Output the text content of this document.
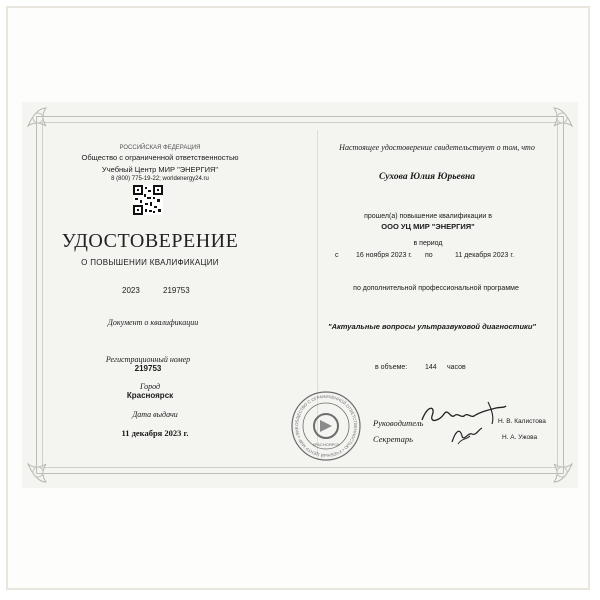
РОССИЙСКАЯ ФЕДЕРАЦИЯ
Общество с ограниченной ответственностью
Учебный Центр МИР "ЭНЕРГИЯ"
8 (800) 775-19-22; worldenergy24.ru
УДОСТОВЕРЕНИЕ
О ПОВЫШЕНИИ КВАЛИФИКАЦИИ
2023	219753
Документ о квалификации
Регистрационный номер
219753
Город
Красноярск
Дата выдачи
11 декабря 2023 г.
Настоящее удостоверение свидетельствует о том, что
Сухова Юлия Юрьевна
прошел(а) повышение квалификации в
ООО УЦ МИР "ЭНЕРГИЯ"
в период
с	16 ноября 2023 г. по	11 декабря 2023 г.
по дополнительной профессиональной программе
"Актуальные вопросы ультразвуковой диагностики"
в объеме:	144 часов
Руководитель	Н. В. Калистова
Секретарь	Н. А. Ужова
ОБЩЕСТВО С ОГРАНИЧЕННОЙ ОТВЕТСТВЕННОСТЬЮ • УЧЕБНЫЙ ЦЕНТР МИР «ЭНЕ
КРАСНОЯРСК
